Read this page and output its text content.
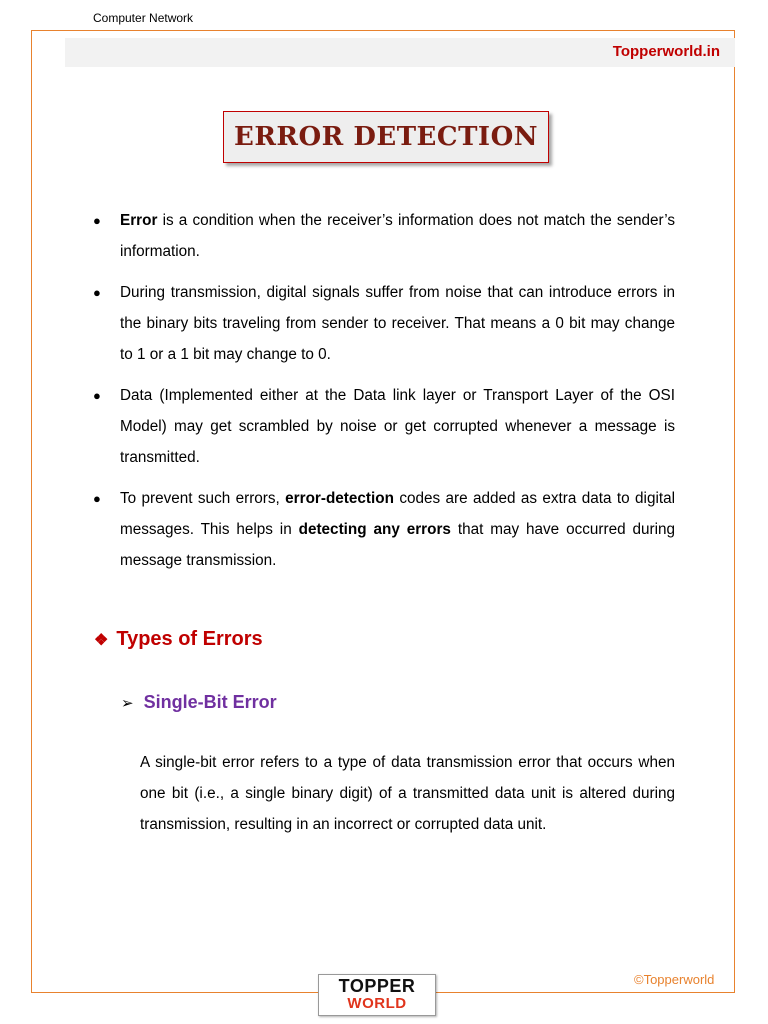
Computer Network
Topperworld.in
ERROR DETECTION
● Error is a condition when the receiver’s information does not match the sender’s information.
● During transmission, digital signals suffer from noise that can introduce errors in the binary bits traveling from sender to receiver. That means a 0 bit may change to 1 or a 1 bit may change to 0.
● Data (Implemented either at the Data link layer or Transport Layer of the OSI Model) may get scrambled by noise or get corrupted whenever a message is transmitted.
● To prevent such errors, error-detection codes are added as extra data to digital messages. This helps in detecting any errors that may have occurred during message transmission.
❖ Types of Errors
➢ Single-Bit Error
A single-bit error refers to a type of data transmission error that occurs when one bit (i.e., a single binary digit) of a transmitted data unit is altered during transmission, resulting in an incorrect or corrupted data unit.
©Topperworld
TOPPER
WORLD
